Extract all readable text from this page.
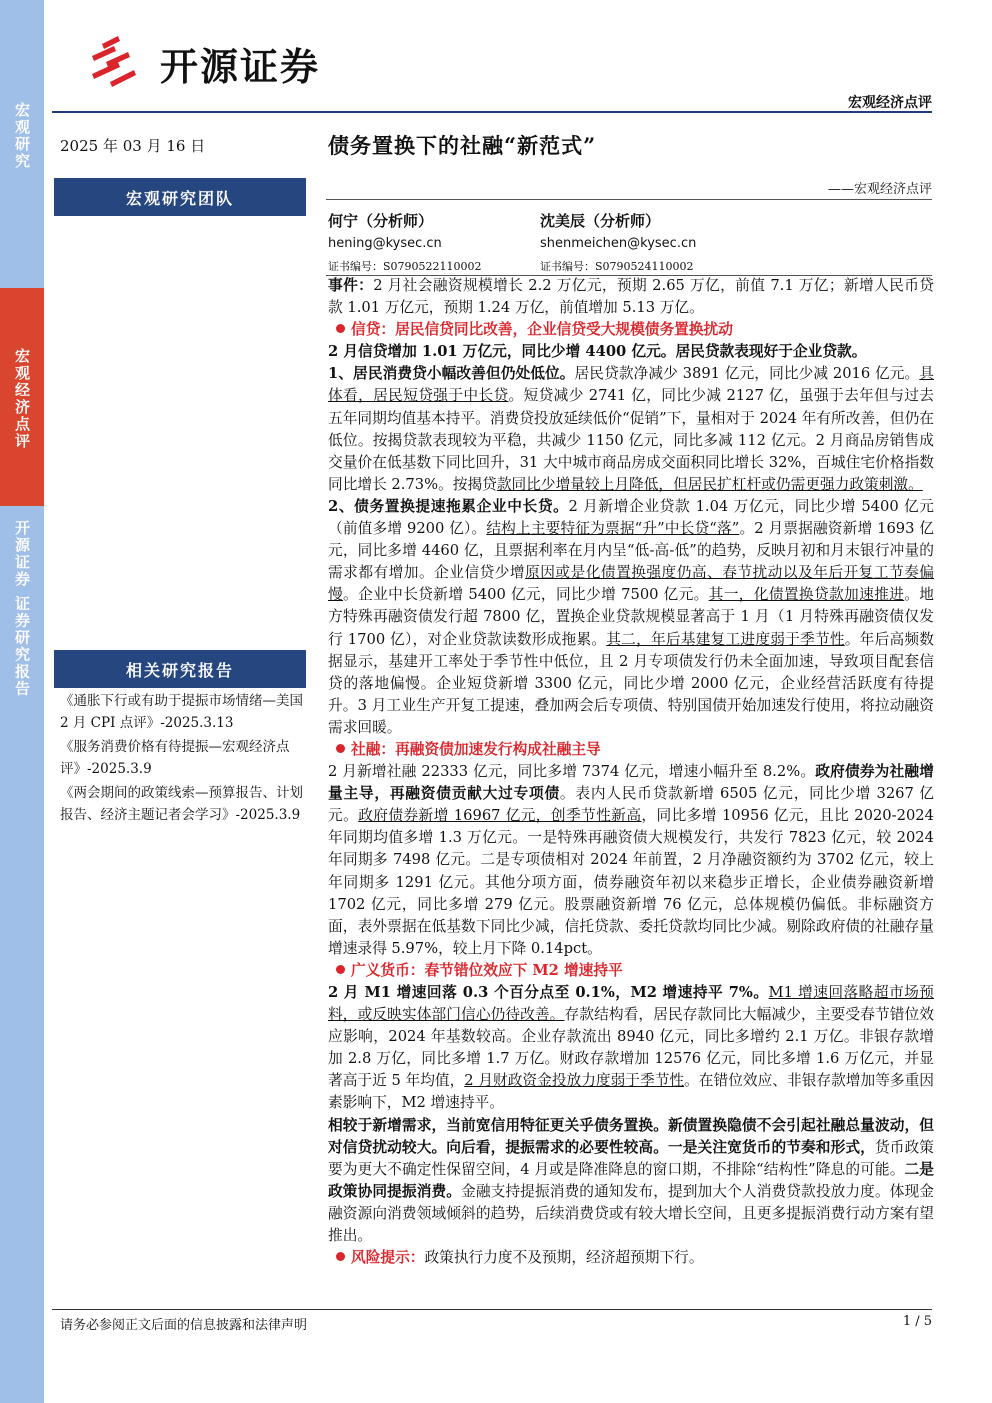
宏观研究
宏观经济点评
开源证券 证券研究报告
开源证券
宏观经济点评
2025 年 03 月 16 日	债务置换下的社融“新范式”
——宏观经济点评
宏观研究团队
何宁（分析师）
hening@kysec.cn
证书编号：S0790522110002
沈美辰（分析师）
shenmeichen@kysec.cn
证书编号：S0790524110002
相关研究报告
《通胀下行或有助于提振市场情绪—美国 2 月 CPI 点评》-2025.3.13
《服务消费价格有待提振—宏观经济点评》-2025.3.9
《两会期间的政策线索—预算报告、计划报告、经济主题记者会学习》-2025.3.9

事件：2 月社会融资规模增长 2.2 万亿元，预期 2.65 万亿，前值 7.1 万亿；新增人民币贷款 1.01 万亿元，预期 1.24 万亿，前值增加 5.13 万亿。

信贷：居民信贷同比改善，企业信贷受大规模债务置换扰动

2 月信贷增加 1.01 万亿元，同比少增 4400 亿元。居民贷款表现好于企业贷款。

1、居民消费贷小幅改善但仍处低位。居民贷款净减少 3891 亿元，同比少减 2016 亿元。具体看，居民短贷强于中长贷。短贷减少 2741 亿，同比少减 2127 亿，虽强于去年但与过去五年同期均值基本持平。消费贷投放延续低价“促销”下，量相对于 2024 年有所改善，但仍在低位。按揭贷款表现较为平稳，共减少 1150 亿元，同比多减 112 亿元。2 月商品房销售成交量价在低基数下同比回升，31 大中城市商品房成交面积同比增长 32%，百城住宅价格指数同比增长 2.73%。按揭贷款同比少增量较上月降低，但居民扩杠杆或仍需更强力政策刺激。

2、债务置换提速拖累企业中长贷。2 月新增企业贷款 1.04 万亿元，同比少增 5400 亿元（前值多增 9200 亿）。结构上主要特征为票据“升”中长贷“落”。2 月票据融资新增 1693 亿元，同比多增 4460 亿，且票据利率在月内呈“低-高-低”的趋势，反映月初和月末银行冲量的需求都有增加。企业信贷少增原因或是化债置换强度仍高、春节扰动以及年后开复工节奏偏慢。企业中长贷新增 5400 亿元，同比少增 7500 亿元。其一，化债置换贷款加速推进。地方特殊再融资债发行超 7800 亿，置换企业贷款规模显著高于 1 月（1 月特殊再融资债仅发行 1700 亿），对企业贷款读数形成拖累。其二，年后基建复工进度弱于季节性。年后高频数据显示，基建开工率处于季节性中低位，且 2 月专项债发行仍未全面加速，导致项目配套信贷的落地偏慢。企业短贷新增 3300 亿元，同比少增 2000 亿元，企业经营活跃度有待提升。3 月工业生产开复工提速，叠加两会后专项债、特别国债开始加速发行使用，将拉动融资需求回暖。

社融：再融资债加速发行构成社融主导

2 月新增社融 22333 亿元，同比多增 7374 亿元，增速小幅升至 8.2%。政府债券为社融增量主导，再融资债贡献大过专项债。表内人民币贷款新增 6505 亿元，同比少增 3267 亿元。政府债券新增 16967 亿元，创季节性新高，同比多增 10956 亿元，且比 2020-2024 年同期均值多增 1.3 万亿元。一是特殊再融资债大规模发行，共发行 7823 亿元，较 2024 年同期多 7498 亿元。二是专项债相对 2024 年前置，2 月净融资额约为 3702 亿元，较上年同期多 1291 亿元。其他分项方面，债券融资年初以来稳步正增长，企业债券融资新增 1702 亿元，同比多增 279 亿元。股票融资新增 76 亿元，总体规模仍偏低。非标融资方面，表外票据在低基数下同比少减，信托贷款、委托贷款均同比少减。剔除政府债的社融存量增速录得 5.97%，较上月下降 0.14pct。

广义货币：春节错位效应下 M2 增速持平

2 月 M1 增速回落 0.3 个百分点至 0.1%，M2 增速持平 7%。M1 增速回落略超市场预料，或反映实体部门信心仍待改善。存款结构看，居民存款同比大幅减少，主要受春节错位效应影响，2024 年基数较高。企业存款流出 8940 亿元，同比多增约 2.1 万亿。非银存款增加 2.8 万亿，同比多增 1.7 万亿。财政存款增加 12576 亿元，同比多增 1.6 万亿元，并显著高于近 5 年均值，2 月财政资金投放力度弱于季节性。在错位效应、非银存款增加等多重因素影响下，M2 增速持平。

相较于新增需求，当前宽信用特征更关乎债务置换。新债置换隐债不会引起社融总量波动，但对信贷扰动较大。向后看，提振需求的必要性较高。一是关注宽货币的节奏和形式，货币政策要为更大不确定性保留空间，4 月或是降准降息的窗口期，不排除“结构性”降息的可能。二是政策协同提振消费。金融支持提振消费的通知发布，提到加大个人消费贷款投放力度。体现金融资源向消费领域倾斜的趋势，后续消费贷或有较大增长空间，且更多提振消费行动方案有望推出。

风险提示：政策执行力度不及预期，经济超预期下行。

请务必参阅正文后面的信息披露和法律声明	1 / 5
